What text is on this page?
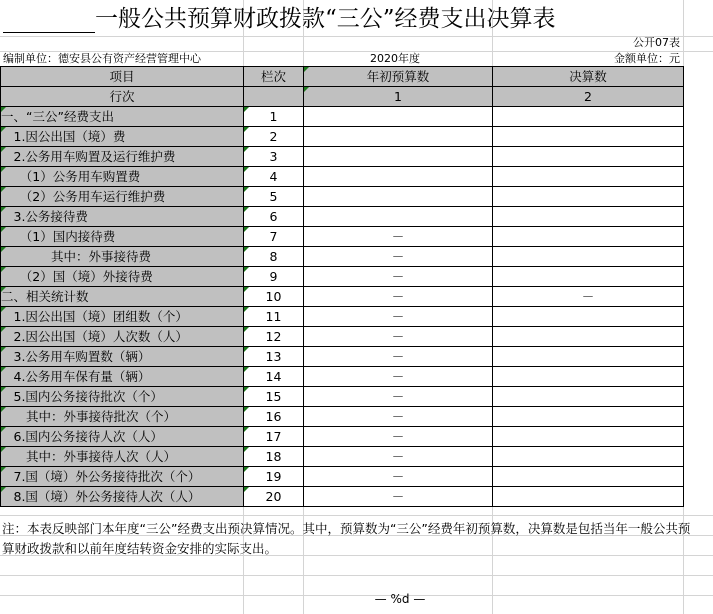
一般公共预算财政拨款“三公”经费支出决算表
公开07表
编制单位：德安县公有资产经营管理中心	2020年度	金额单位：元
项目	栏次	年初预算数	决算数
行次		1	2
一、“三公”经费支出	1		
　1.因公出国（境）费	2		
　2.公务用车购置及运行维护费	3		
　　（1）公务用车购置费	4		
　　（2）公务用车运行维护费	5		
　3.公务接待费	6		
　　（1）国内接待费	7	－	
　　　　其中：外事接待费	8	－	
　　（2）国（境）外接待费	9	－	
二、相关统计数	10	－	－
　1.因公出国（境）团组数（个）	11	－	
　2.因公出国（境）人次数（人）	12	－	
　3.公务用车购置数（辆）	13	－	
　4.公务用车保有量（辆）	14	－	
　5.国内公务接待批次（个）	15	－	
　　其中：外事接待批次（个）	16	－	
　6.国内公务接待人次（人）	17	－	
　　其中：外事接待人次（人）	18	－	
　7.国（境）外公务接待批次（个）	19	－	
　8.国（境）外公务接待人次（人）	20	－	
注：本表反映部门本年度“三公”经费支出预决算情况。其中，预算数为“三公”经费年初预算数，决算数是包括当年一般公共预算财政拨款和以前年度结转资金安排的实际支出。
— %d —
